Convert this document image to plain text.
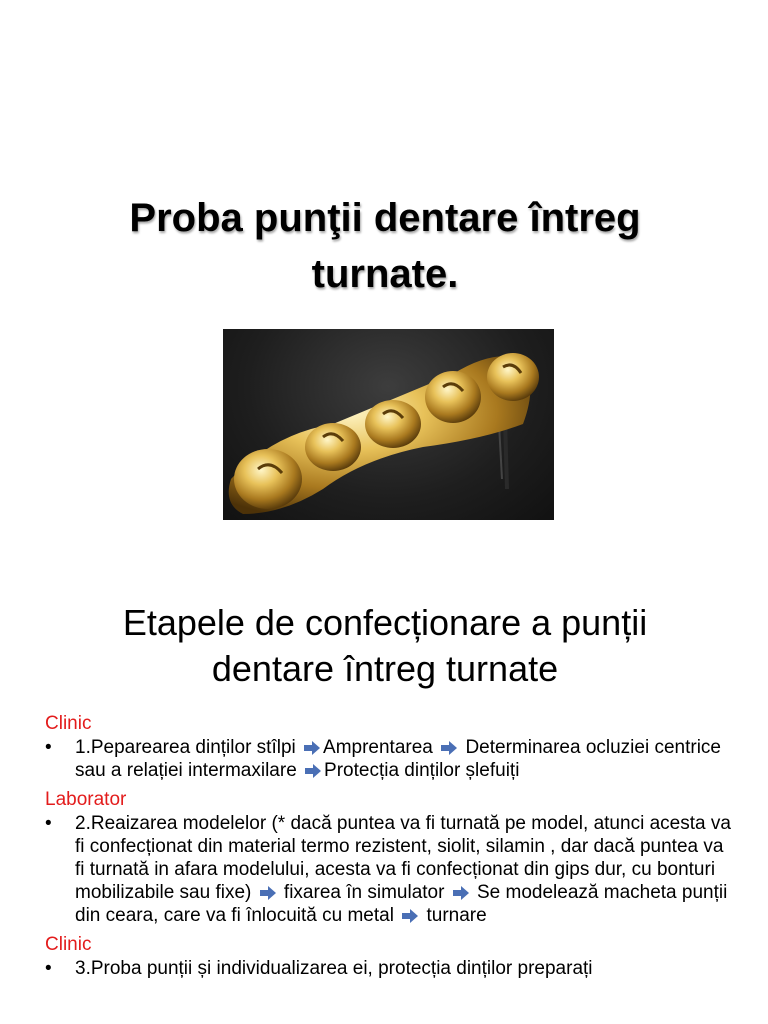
Proba punţii dentare întreg
turnate.
Etapele de confecționare a punții
dentare întreg turnate

Clinic

• 1.Peparearea dinților stîlpi Amprentarea Determinarea ocluziei centrice sau a relației intermaxilare Protecția dinților șlefuiți

Laborator

• 2.Reaizarea modelelor (* dacă puntea va fi turnată pe model, atunci acesta va fi confecționat din material termo rezistent, siolit, silamin , dar dacă puntea va fi turnată in afara modelului, acesta va fi confecționat din gips dur, cu bonturi mobilizabile sau fixe) fixarea în simulator Se modelează macheta punții din ceara, care va fi înlocuită cu metal turnare

Clinic

• 3.Proba punții și individualizarea ei, protecția dinților preparați
